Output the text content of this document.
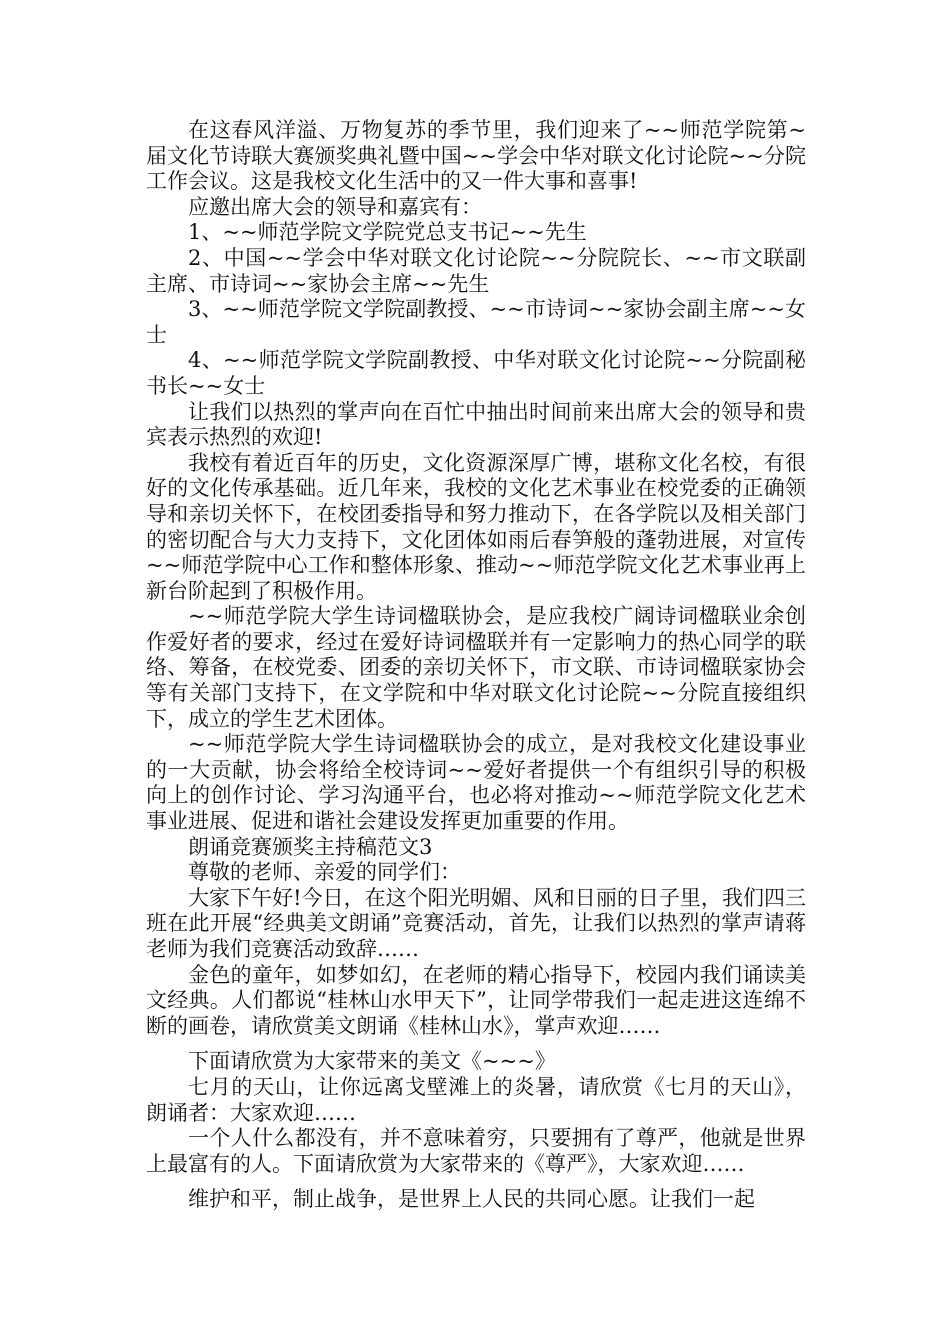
在这春风洋溢、万物复苏的季节里，我们迎来了~~师范学院第~届文化节诗联大赛颁奖典礼暨中国~~学会中华对联文化讨论院~~分院工作会议。这是我校文化生活中的又一件大事和喜事!

应邀出席大会的领导和嘉宾有：

1、~~师范学院文学院党总支书记~~先生

2、中国~~学会中华对联文化讨论院~~分院院长、~~市文联副主席、市诗词~~家协会主席~~先生

3、~~师范学院文学院副教授、~~市诗词~~家协会副主席~~女士

4、~~师范学院文学院副教授、中华对联文化讨论院~~分院副秘书长~~女士

让我们以热烈的掌声向在百忙中抽出时间前来出席大会的领导和贵宾表示热烈的欢迎!

我校有着近百年的历史，文化资源深厚广博，堪称文化名校，有很好的文化传承基础。近几年来，我校的文化艺术事业在校党委的正确领导和亲切关怀下，在校团委指导和努力推动下，在各学院以及相关部门的密切配合与大力支持下，文化团体如雨后春笋般的蓬勃进展，对宣传~~师范学院中心工作和整体形象、推动~~师范学院文化艺术事业再上新台阶起到了积极作用。

~~师范学院大学生诗词楹联协会，是应我校广阔诗词楹联业余创作爱好者的要求，经过在爱好诗词楹联并有一定影响力的热心同学的联络、筹备，在校党委、团委的亲切关怀下，市文联、市诗词楹联家协会等有关部门支持下，在文学院和中华对联文化讨论院~~分院直接组织下，成立的学生艺术团体。

~~师范学院大学生诗词楹联协会的成立，是对我校文化建设事业的一大贡献，协会将给全校诗词~~爱好者提供一个有组织引导的积极向上的创作讨论、学习沟通平台，也必将对推动~~师范学院文化艺术事业进展、促进和谐社会建设发挥更加重要的作用。

朗诵竞赛颁奖主持稿范文3

尊敬的老师、亲爱的同学们：

大家下午好!今日，在这个阳光明媚、风和日丽的日子里，我们四三班在此开展“经典美文朗诵”竞赛活动，首先，让我们以热烈的掌声请蒋老师为我们竞赛活动致辞……

金色的童年，如梦如幻，在老师的精心指导下，校园内我们诵读美文经典。人们都说“桂林山水甲天下”，让同学带我们一起走进这连绵不断的画卷，请欣赏美文朗诵《桂林山水》，掌声欢迎……

下面请欣赏为大家带来的美文《~~~》

七月的天山，让你远离戈壁滩上的炎暑，请欣赏《七月的天山》，朗诵者：大家欢迎……

一个人什么都没有，并不意味着穷，只要拥有了尊严，他就是世界上最富有的人。下面请欣赏为大家带来的《尊严》，大家欢迎……

维护和平，制止战争，是世界上人民的共同心愿。让我们一起
